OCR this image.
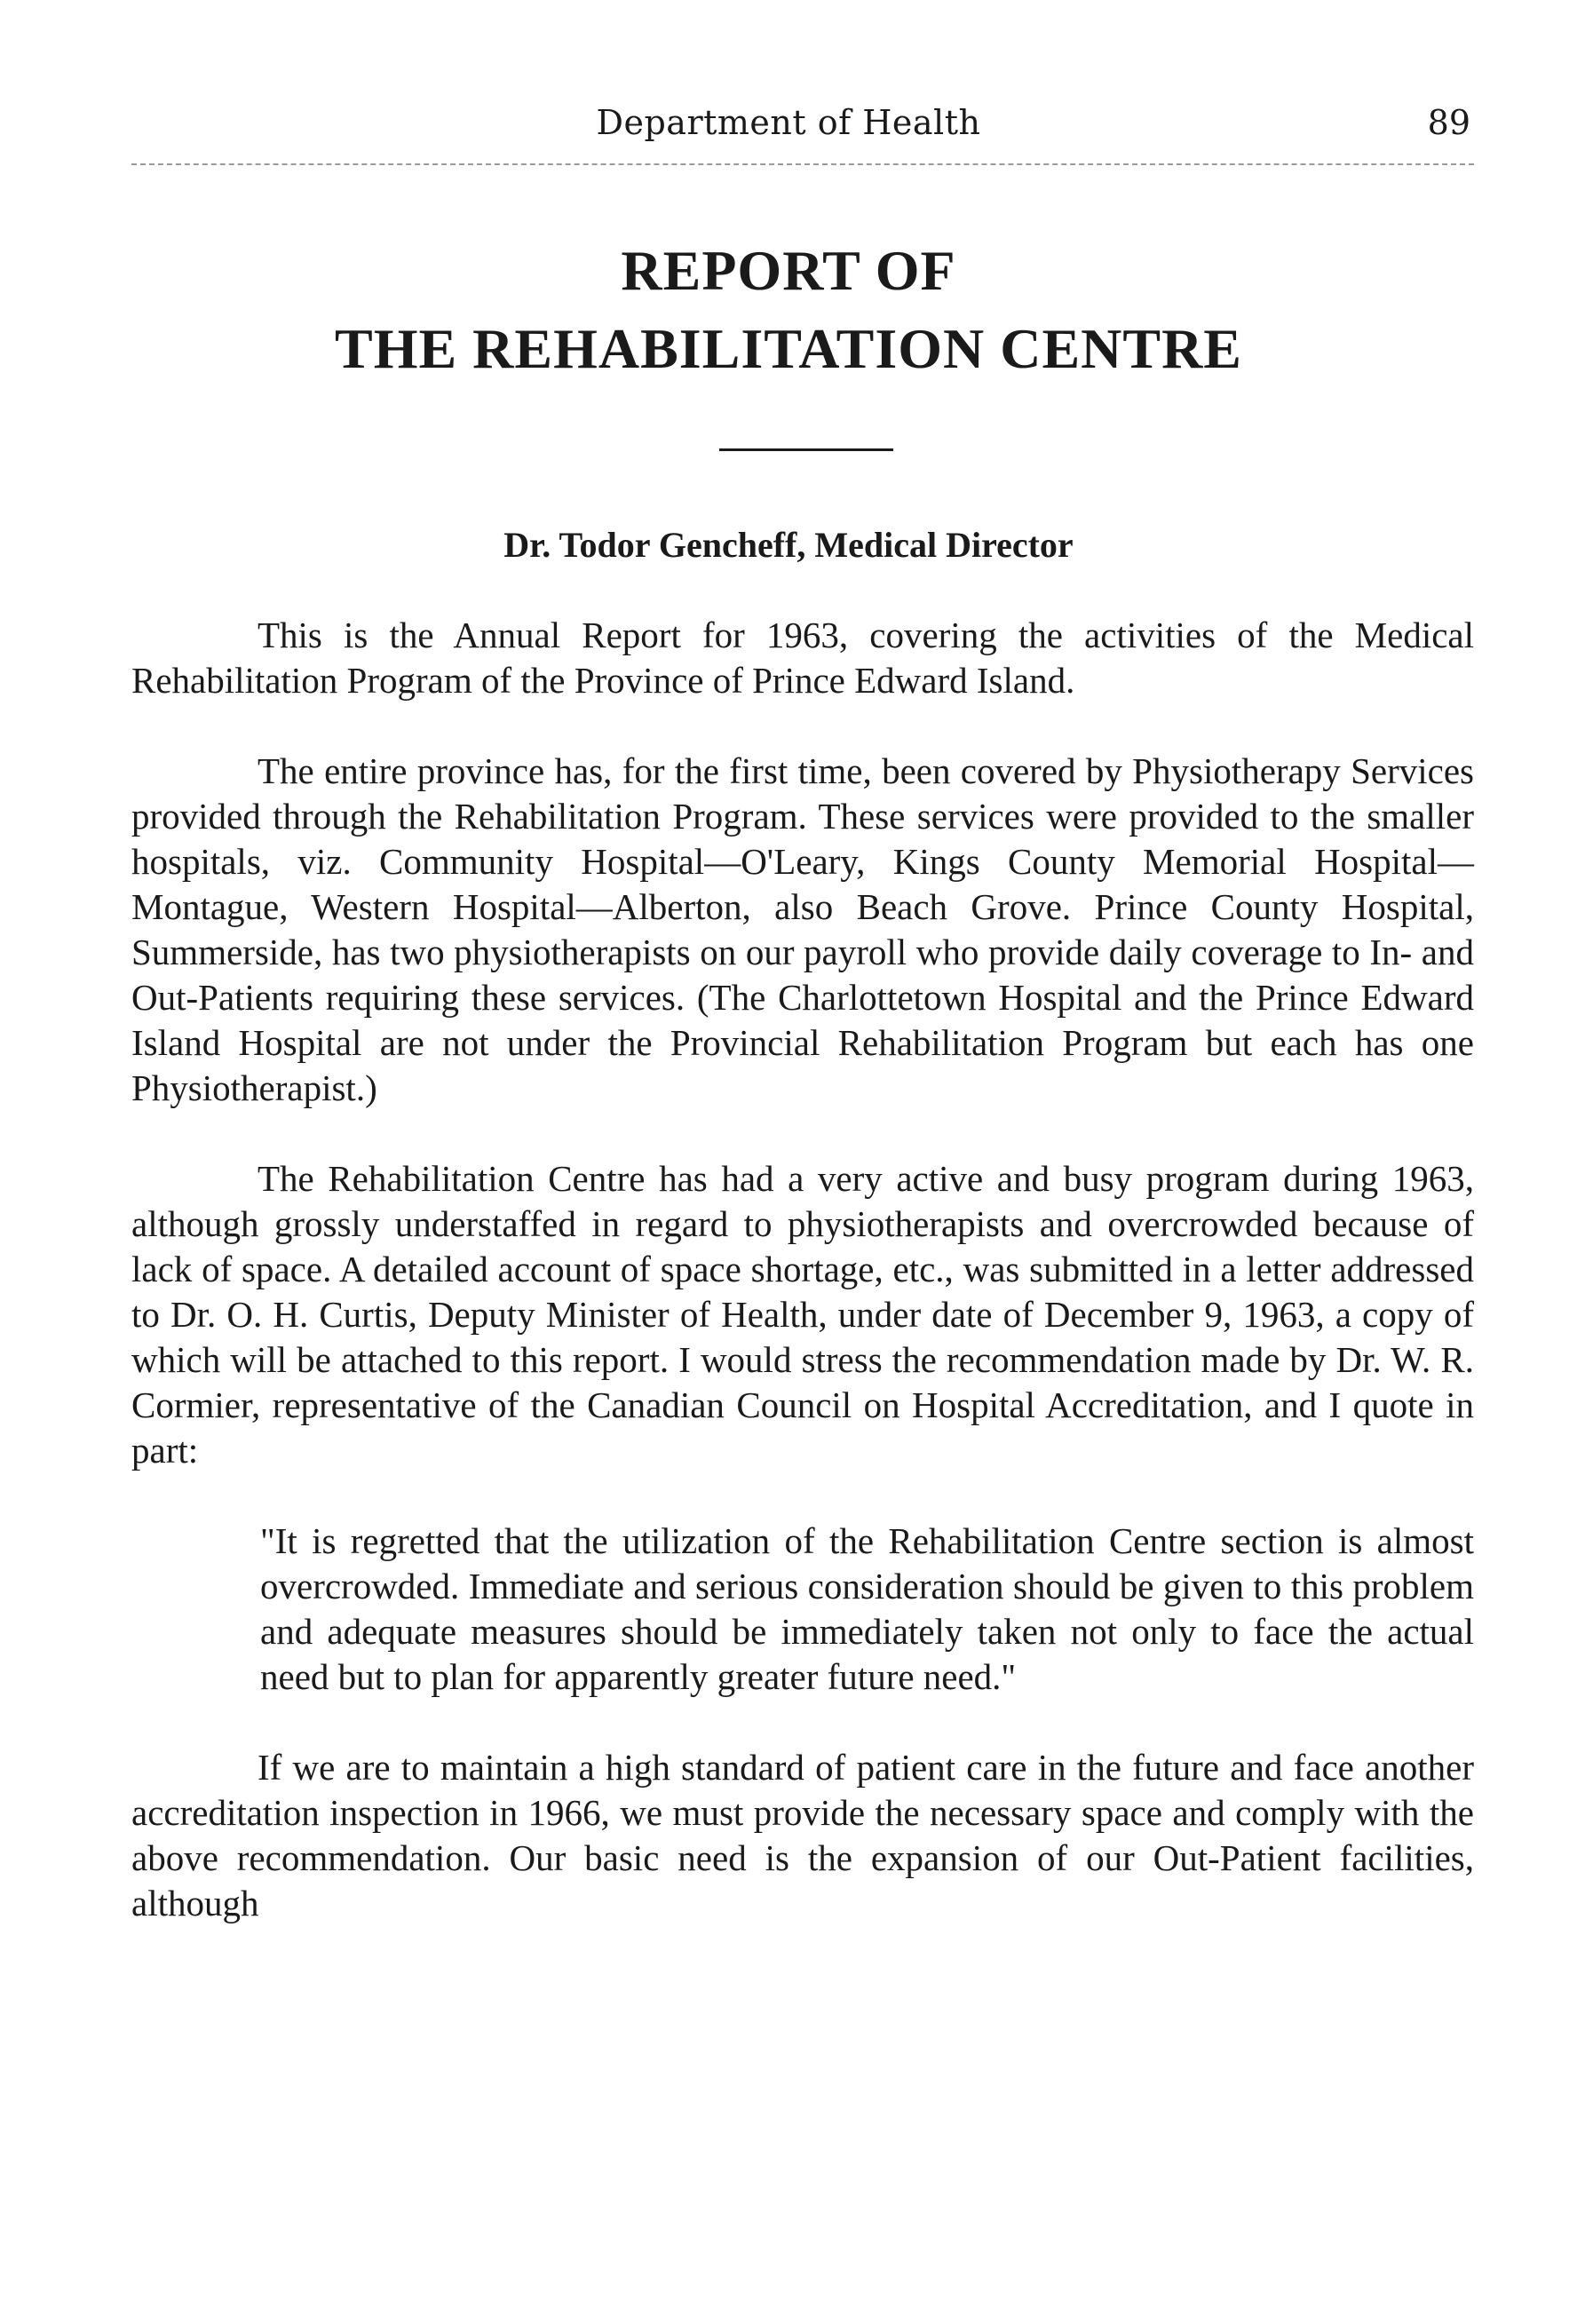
Department of Health	89
REPORT OF
THE REHABILITATION CENTRE
Dr. Todor Gencheff, Medical Director

This is the Annual Report for 1963, covering the activities of the Medical Rehabilitation Program of the Province of Prince Edward Island.

The entire province has, for the first time, been covered by Physiotherapy Services provided through the Rehabilitation Program. These services were provided to the smaller hospitals, viz. Community Hospital—O'Leary, Kings County Memorial Hospital—Montague, Western Hospital—Alberton, also Beach Grove. Prince County Hospital, Summerside, has two physiotherapists on our payroll who provide daily coverage to In- and Out-Patients requiring these services. (The Charlottetown Hospital and the Prince Edward Island Hospital are not under the Provincial Rehabilitation Program but each has one Physiotherapist.)

The Rehabilitation Centre has had a very active and busy program during 1963, although grossly understaffed in regard to physiotherapists and overcrowded because of lack of space. A detailed account of space shortage, etc., was submitted in a letter addressed to Dr. O. H. Curtis, Deputy Minister of Health, under date of December 9, 1963, a copy of which will be attached to this report. I would stress the recommendation made by Dr. W. R. Cormier, representative of the Canadian Council on Hospital Accreditation, and I quote in part:

"It is regretted that the utilization of the Rehabilitation Centre section is almost overcrowded. Immediate and serious consideration should be given to this problem and adequate measures should be immediately taken not only to face the actual need but to plan for apparently greater future need."

If we are to maintain a high standard of patient care in the future and face another accreditation inspection in 1966, we must provide the necessary space and comply with the above recommendation. Our basic need is the expansion of our Out-Patient facilities, although
